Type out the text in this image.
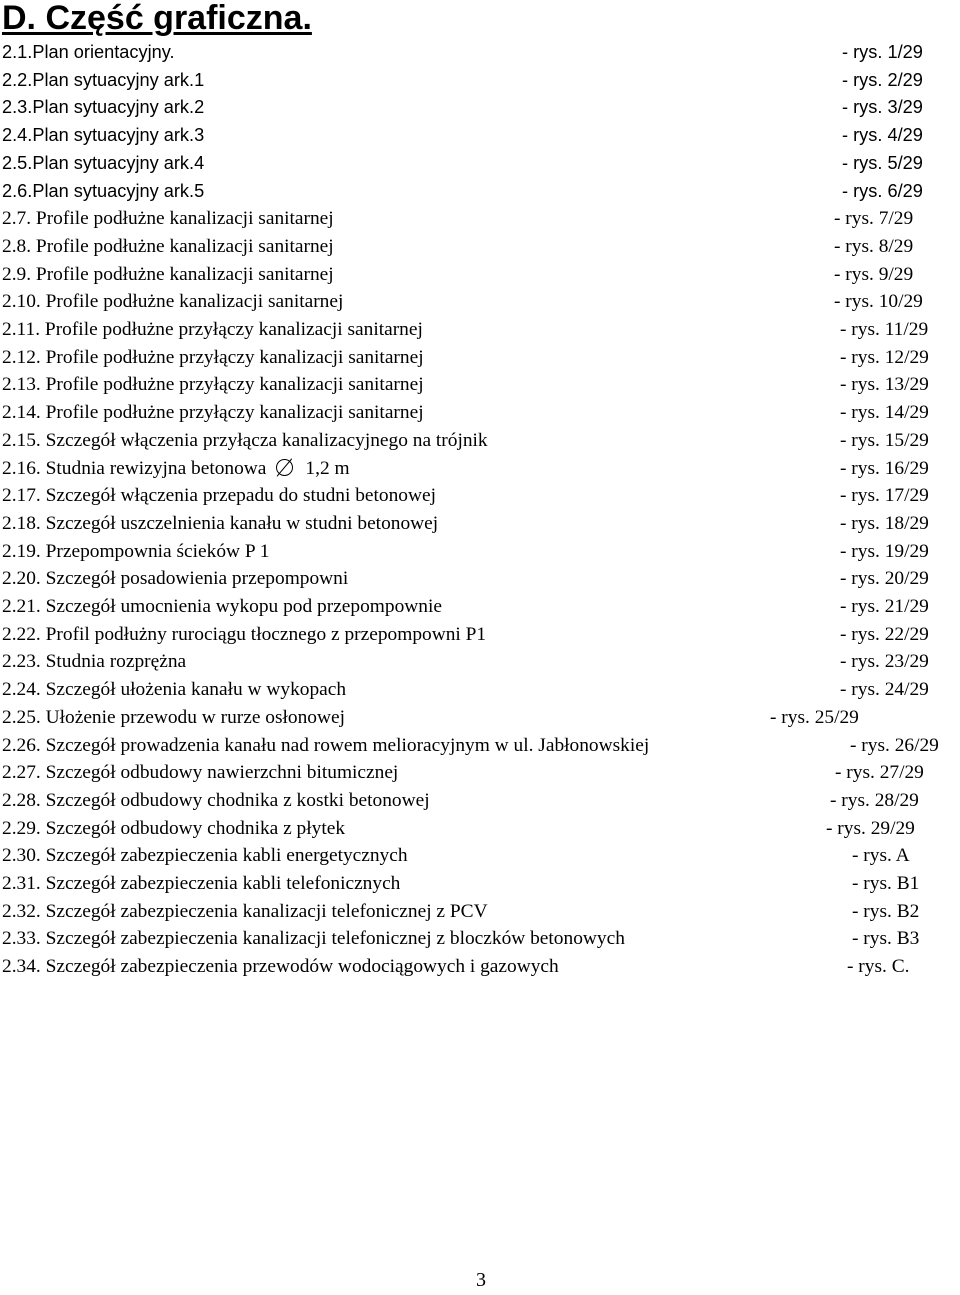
D. Część graficzna.
2.1.Plan orientacyjny.	- rys. 1/29
2.2.Plan sytuacyjny ark.1	- rys. 2/29
2.3.Plan sytuacyjny ark.2	- rys. 3/29
2.4.Plan sytuacyjny ark.3	- rys. 4/29
2.5.Plan sytuacyjny ark.4	- rys. 5/29
2.6.Plan sytuacyjny ark.5	- rys. 6/29
2.7. Profile podłużne kanalizacji sanitarnej	- rys. 7/29
2.8. Profile podłużne kanalizacji sanitarnej	- rys. 8/29
2.9. Profile podłużne kanalizacji sanitarnej	- rys. 9/29
2.10. Profile podłużne kanalizacji sanitarnej	- rys. 10/29
2.11. Profile podłużne przyłączy kanalizacji sanitarnej	- rys. 11/29
2.12. Profile podłużne przyłączy kanalizacji sanitarnej	- rys. 12/29
2.13. Profile podłużne przyłączy kanalizacji sanitarnej	- rys. 13/29
2.14. Profile podłużne przyłączy kanalizacji sanitarnej	- rys. 14/29
2.15. Szczegół włączenia przyłącza kanalizacyjnego na trójnik	- rys. 15/29
2.16. Studnia rewizyjna betonowa 1,2 m	- rys. 16/29
2.17. Szczegół włączenia przepadu do studni betonowej	- rys. 17/29
2.18. Szczegół uszczelnienia kanału w studni betonowej	- rys. 18/29
2.19. Przepompownia ścieków P 1	- rys. 19/29
2.20. Szczegół posadowienia przepompowni	- rys. 20/29
2.21. Szczegół umocnienia wykopu pod przepompownie	- rys. 21/29
2.22. Profil podłużny rurociągu tłocznego z przepompowni P1	- rys. 22/29
2.23. Studnia rozprężna	- rys. 23/29
2.24. Szczegół ułożenia kanału w wykopach	- rys. 24/29
2.25. Ułożenie przewodu w rurze osłonowej	- rys. 25/29
2.26. Szczegół prowadzenia kanału nad rowem melioracyjnym w ul. Jabłonowskiej	- rys. 26/29
2.27. Szczegół odbudowy nawierzchni bitumicznej	- rys. 27/29
2.28. Szczegół odbudowy chodnika z kostki betonowej	- rys. 28/29
2.29. Szczegół odbudowy chodnika z płytek	- rys. 29/29
2.30. Szczegół zabezpieczenia kabli energetycznych	- rys. A
2.31. Szczegół zabezpieczenia kabli telefonicznych	- rys. B1
2.32. Szczegół zabezpieczenia kanalizacji telefonicznej z PCV	- rys. B2
2.33. Szczegół zabezpieczenia kanalizacji telefonicznej z bloczków betonowych	- rys. B3
2.34. Szczegół zabezpieczenia przewodów wodociągowych i gazowych	- rys. C.
3
